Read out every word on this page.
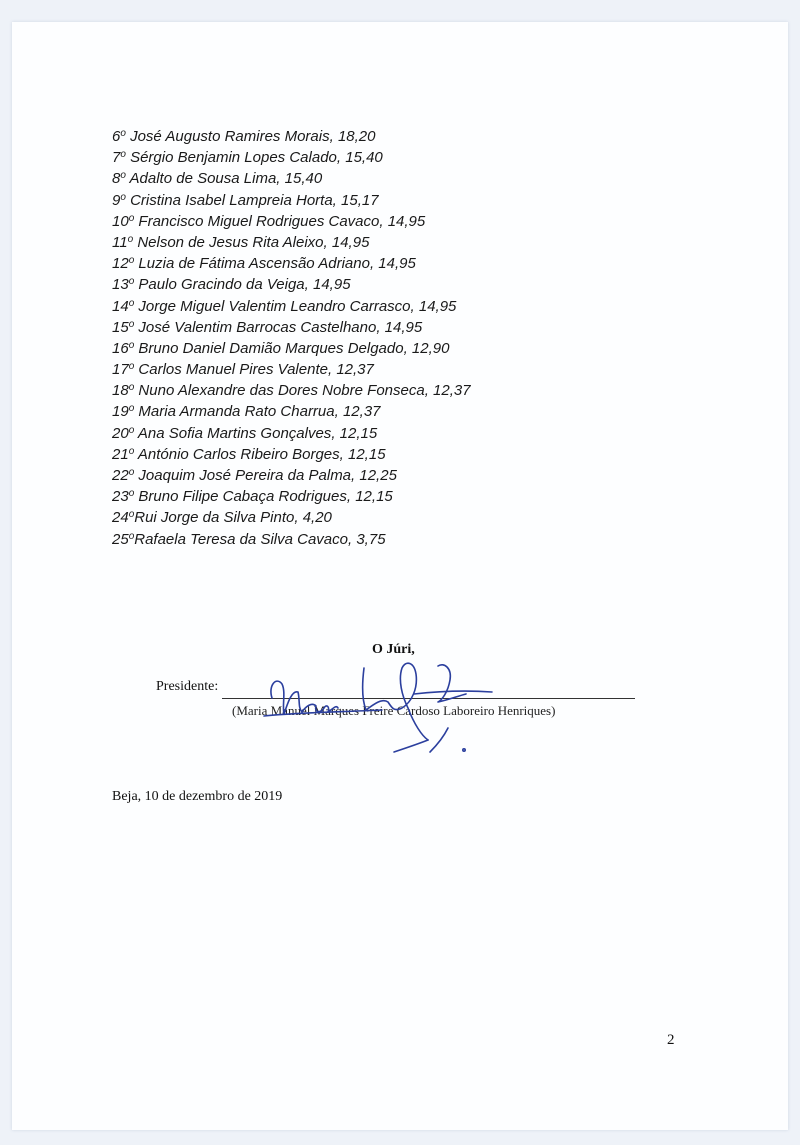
6$^o$ José Augusto Ramires Morais, 18,20
7$^o$ Sérgio Benjamin Lopes Calado, 15,40
8$^o$ Adalto de Sousa Lima, 15,40
9$^o$ Cristina Isabel Lampreia Horta, 15,17
10$^o$ Francisco Miguel Rodrigues Cavaco, 14,95
11$^o$ Nelson de Jesus Rita Aleixo, 14,95
12$^o$ Luzia de Fátima Ascensão Adriano, 14,95
13$^o$ Paulo Gracindo da Veiga, 14,95
14$^o$ Jorge Miguel Valentim Leandro Carrasco, 14,95
15$^o$ José Valentim Barrocas Castelhano, 14,95
16$^o$ Bruno Daniel Damião Marques Delgado, 12,90
17$^o$ Carlos Manuel Pires Valente, 12,37
18$^o$ Nuno Alexandre das Dores Nobre Fonseca, 12,37
19$^o$ Maria Armanda Rato Charrua, 12,37
20$^o$ Ana Sofia Martins Gonçalves, 12,15
21$^o$ António Carlos Ribeiro Borges, 12,15
22$^o$ Joaquim José Pereira da Palma, 12,25
23$^o$ Bruno Filipe Cabaça Rodrigues, 12,15
24$^o$Rui Jorge da Silva Pinto, 4,20
25$^o$Rafaela Teresa da Silva Cavaco, 3,75
O Júri,
Presidente:
(Maria Manuel Marques Freire Cardoso Laboreiro Henriques)
Beja, 10 de dezembro de 2019
2
